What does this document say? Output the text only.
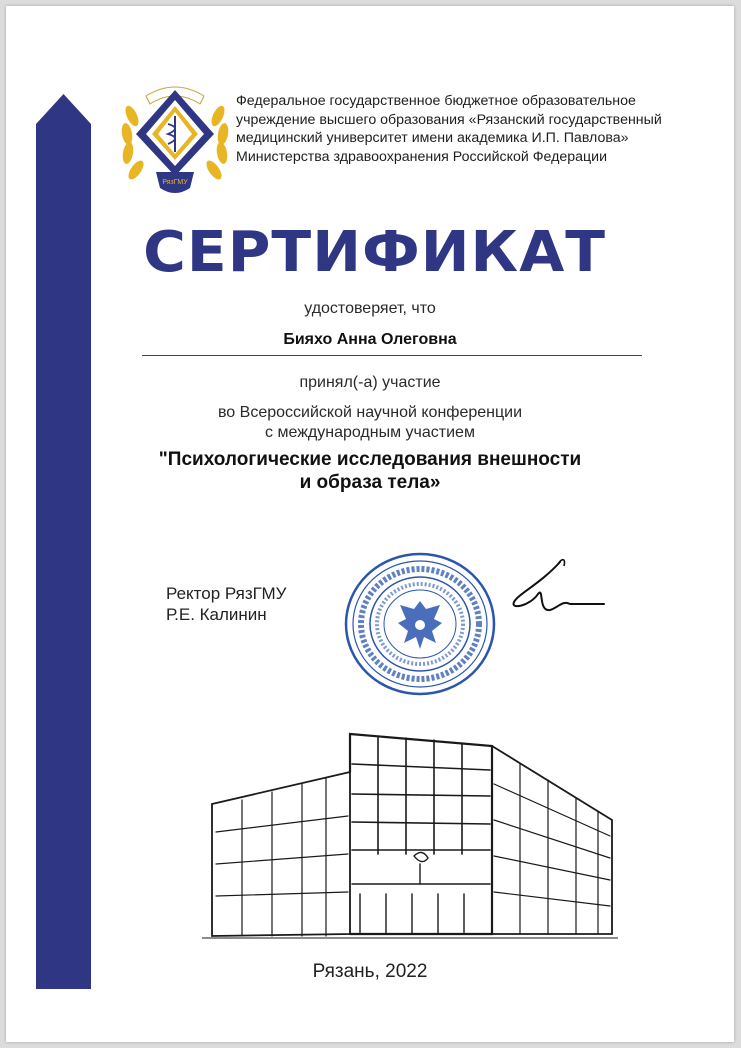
РязГМУ
Федеральное государственное бюджетное образовательное
учреждение высшего образования «Рязанский государственный
медицинский университет имени академика И.П. Павлова»
Министерства здравоохранения Российской Федерации
СЕРТИФИКАТ
удостоверяет, что
Бияхо Анна Олеговна
принял(-а) участие
во Всероссийской научной конференции
с международным участием
"Психологические исследования внешности
и образа тела»
Ректор РязГМУ
Р.Е. Калинин
Рязань, 2022
